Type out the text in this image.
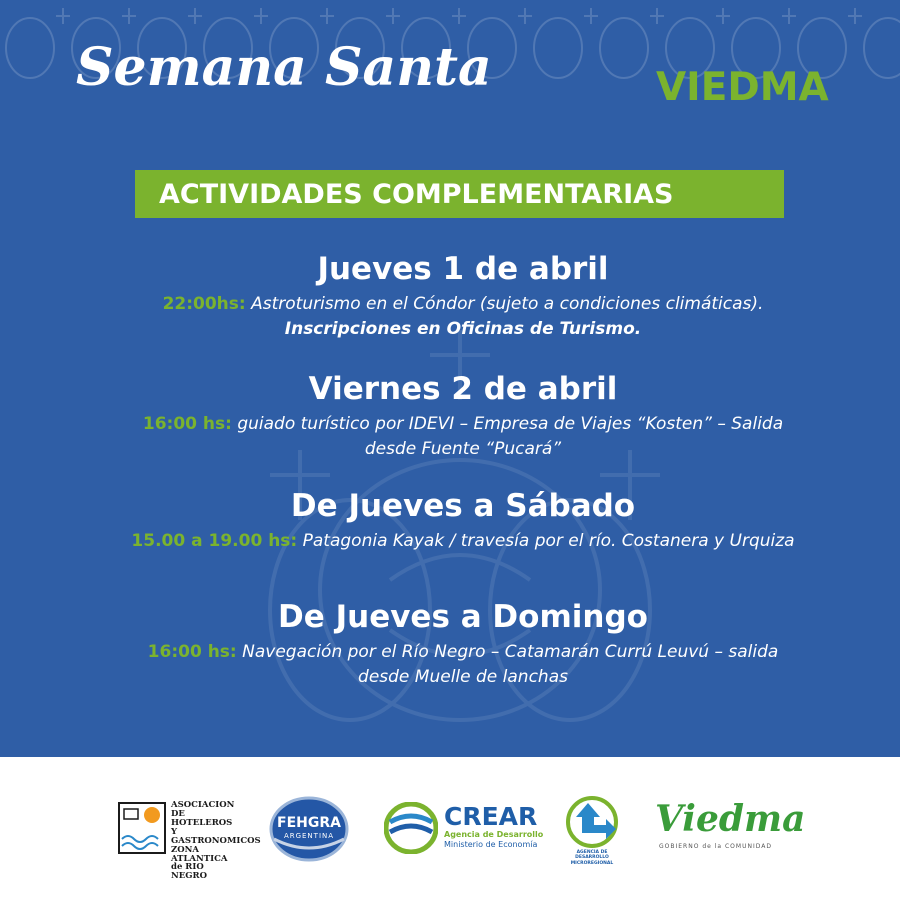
Semana Santa	VIEDMA
ACTIVIDADES COMPLEMENTARIAS
Jueves 1 de abril

22:00hs: Astroturismo en el Cóndor (sujeto a condiciones climáticas). Inscripciones en Oficinas de Turismo.

Viernes 2 de abril

16:00 hs: guiado turístico por IDEVI – Empresa de Viajes “Kosten” – Salida desde Fuente “Pucará”

De Jueves a Sábado

15.00 a 19.00 hs: Patagonia Kayak / travesía por el río. Costanera y Urquiza

De Jueves a Domingo

16:00 hs: Navegación por el Río Negro – Catamarán Currú Leuvú – salida desde Muelle de lanchas

ASOCIACION DE
HOTELEROS Y
GASTRONOMICOS
ZONA ATLANTICA
de RIO NEGRO
FEHGRA
ARGENTINA
CREAR
Agencia de Desarrollo
Ministerio de Economía
AGENCIA DE DESARROLLO
MICROREGIONAL
Viedma
GOBIERNO de la COMUNIDAD
